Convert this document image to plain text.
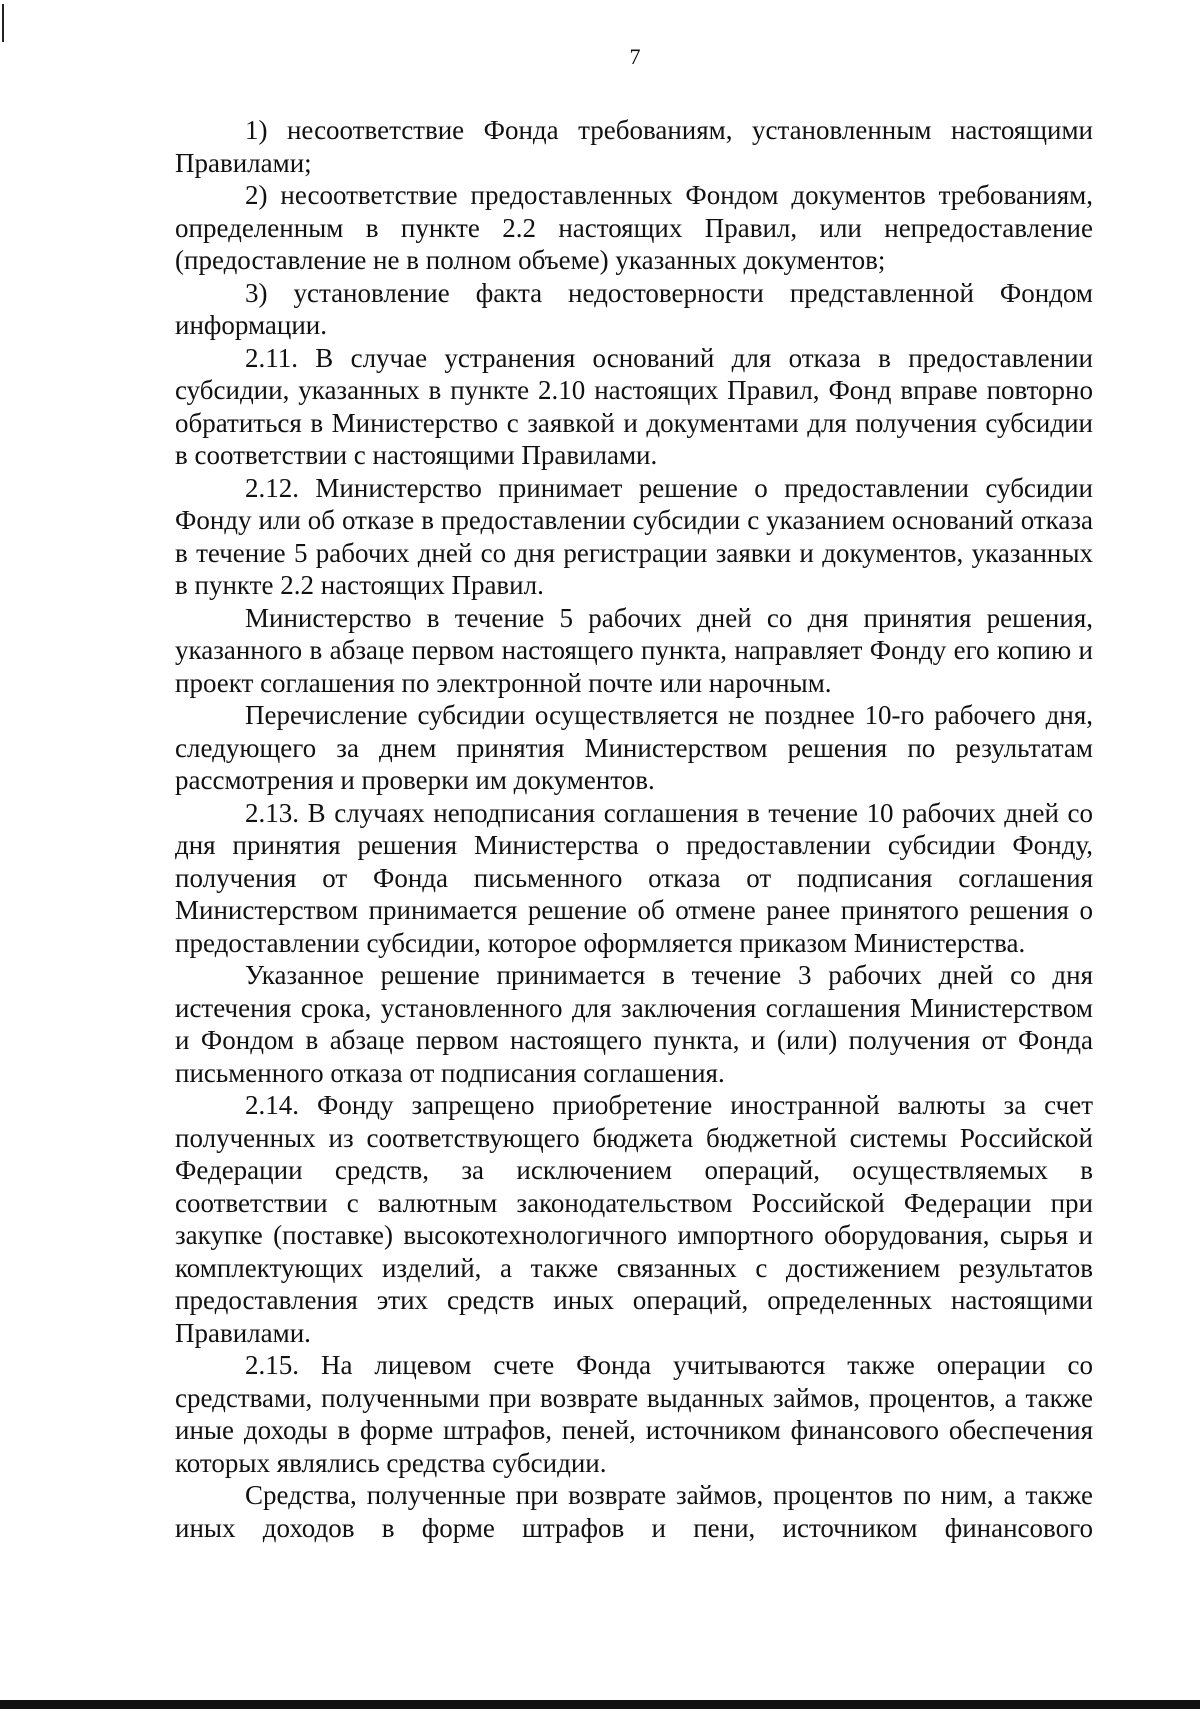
7

1) несоответствие Фонда требованиям, установленным настоящими Правилами;

2) несоответствие предоставленных Фондом документов требованиям, определенным в пункте 2.2 настоящих Правил, или непредоставление (предоставление не в полном объеме) указанных документов;

3) установление факта недостоверности представленной Фондом информации.

2.11. В случае устранения оснований для отказа в предоставлении субсидии, указанных в пункте 2.10 настоящих Правил, Фонд вправе повторно обратиться в Министерство с заявкой и документами для получения субсидии в соответствии с настоящими Правилами.

2.12. Министерство принимает решение о предоставлении субсидии Фонду или об отказе в предоставлении субсидии с указанием оснований отказа в течение 5 рабочих дней со дня регистрации заявки и документов, указанных в пункте 2.2 настоящих Правил.

Министерство в течение 5 рабочих дней со дня принятия решения, указанного в абзаце первом настоящего пункта, направляет Фонду его копию и проект соглашения по электронной почте или нарочным.

Перечисление субсидии осуществляется не позднее 10-го рабочего дня, следующего за днем принятия Министерством решения по результатам рассмотрения и проверки им документов.

2.13. В случаях неподписания соглашения в течение 10 рабочих дней со дня принятия решения Министерства о предоставлении субсидии Фонду, получения от Фонда письменного отказа от подписания соглашения Министерством принимается решение об отмене ранее принятого решения о предоставлении субсидии, которое оформляется приказом Министерства.

Указанное решение принимается в течение 3 рабочих дней со дня истечения срока, установленного для заключения соглашения Министерством и Фондом в абзаце первом настоящего пункта, и (или) получения от Фонда письменного отказа от подписания соглашения.

2.14. Фонду запрещено приобретение иностранной валюты за счет полученных из соответствующего бюджета бюджетной системы Российской Федерации средств, за исключением операций, осуществляемых в соответствии с валютным законодательством Российской Федерации при закупке (поставке) высокотехнологичного импортного оборудования, сырья и комплектующих изделий, а также связанных с достижением результатов предоставления этих средств иных операций, определенных настоящими Правилами.

2.15. На лицевом счете Фонда учитываются также операции со средствами, полученными при возврате выданных займов, процентов, а также иные доходы в форме штрафов, пеней, источником финансового обеспечения которых являлись средства субсидии.

Средства, полученные при возврате займов, процентов по ним, а также иных доходов в форме штрафов и пени, источником финансового
